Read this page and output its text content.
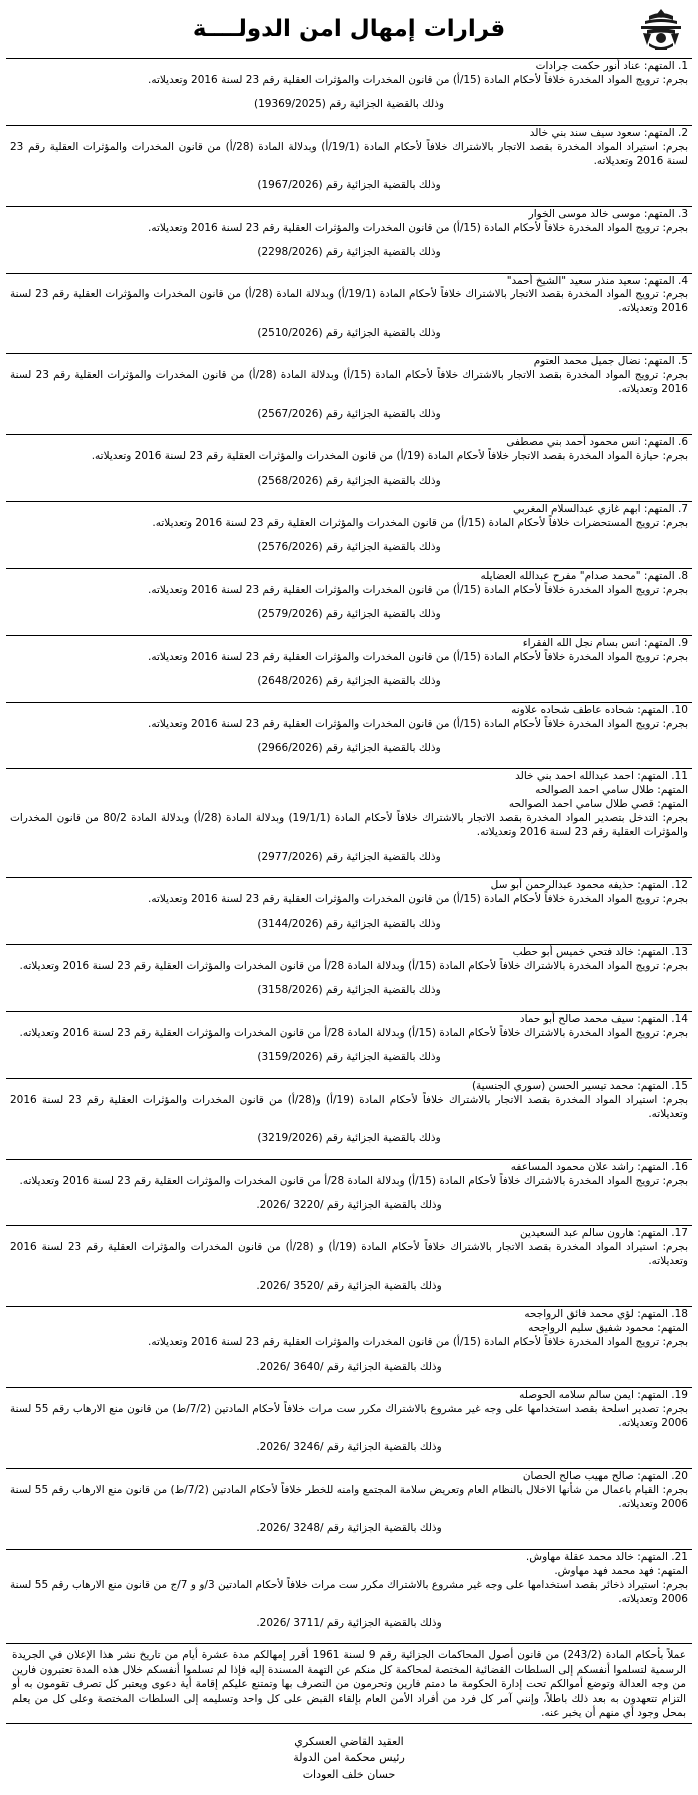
قرارات إمهال امن الدولــــة

1. المتهم: عناد أنور حكمت جرادات

بجرم: ترويج المواد المخدرة خلافاً لأحكام المادة (15/أ) من قانون المخدرات والمؤثرات العقلية رقم 23 لسنة 2016 وتعديلاته.

وذلك بالقضية الجزائية رقم (19369/2025)

2. المتهم: سعود سيف سند بني خالد

بجرم: استيراد المواد المخدرة بقصد الاتجار بالاشتراك خلافاً لأحكام المادة (19/1/أ) وبدلالة المادة (28/أ) من قانون المخدرات والمؤثرات العقلية رقم 23 لسنة 2016 وتعديلاته.

وذلك بالقضية الجزائية رقم (1967/2026)

3. المتهم: موسى خالد موسى الخوار

بجرم: ترويج المواد المخدرة خلافاً لأحكام المادة (15/أ) من قانون المخدرات والمؤثرات العقلية رقم 23 لسنة 2016 وتعديلاته.

وذلك بالقضية الجزائية رقم (2298/2026)

4. المتهم: سعيد منذر سعيد "الشيخ أحمد"

بجرم: ترويج المواد المخدرة بقصد الاتجار بالاشتراك خلافاً لأحكام المادة (19/1/أ) وبدلالة المادة (28/أ) من قانون المخدرات والمؤثرات العقلية رقم 23 لسنة 2016 وتعديلاته.

وذلك بالقضية الجزائية رقم (2510/2026)

5. المتهم: نضال جميل محمد العتوم

بجرم: ترويج المواد المخدرة بقصد الاتجار بالاشتراك خلافاً لأحكام المادة (15/أ) وبدلالة المادة (28/أ) من قانون المخدرات والمؤثرات العقلية رقم 23 لسنة 2016 وتعديلاته.

وذلك بالقضية الجزائية رقم (2567/2026)

6. المتهم: انس محمود أحمد بني مصطفى

بجرم: حيازة المواد المخدرة بقصد الاتجار خلافاً لأحكام المادة (19/أ) من قانون المخدرات والمؤثرات العقلية رقم 23 لسنة 2016 وتعديلاته.

وذلك بالقضية الجزائية رقم (2568/2026)

7. المتهم: ابهم غازي عبدالسلام المغربي

بجرم: ترويج المستحضرات خلافاً لأحكام المادة (15/أ) من قانون المخدرات والمؤثرات العقلية رقم 23 لسنة 2016 وتعديلاته.

وذلك بالقضية الجزائية رقم (2576/2026)

8. المتهم: "محمد صدام" مفرح عبدالله العضايله

بجرم: ترويج المواد المخدرة خلافاً لأحكام المادة (15/أ) من قانون المخدرات والمؤثرات العقلية رقم 23 لسنة 2016 وتعديلاته.

وذلك بالقضية الجزائية رقم (2579/2026)

9. المتهم: انس بسام نجل الله الفقراء

بجرم: ترويج المواد المخدرة خلافاً لأحكام المادة (15/أ) من قانون المخدرات والمؤثرات العقلية رقم 23 لسنة 2016 وتعديلاته.

وذلك بالقضية الجزائية رقم (2648/2026)

10. المتهم: شحاده عاطف شحاده علاونه

بجرم: ترويج المواد المخدرة خلافاً لأحكام المادة (15/أ) من قانون المخدرات والمؤثرات العقلية رقم 23 لسنة 2016 وتعديلاته.

وذلك بالقضية الجزائية رقم (2966/2026)

11. المتهم: احمد عبدالله احمد بني خالد

المتهم: طلال سامي احمد الصوالحه

المتهم: قصي طلال سامي احمد الصوالحه

بجرم: التدخل بتصدير المواد المخدرة بقصد الاتجار بالاشتراك خلافاً لأحكام المادة (19/1/1) وبدلالة المادة (28/أ) وبدلالة المادة 80/2 من قانون المخدرات والمؤثرات العقلية رقم 23 لسنة 2016 وتعديلاته.

وذلك بالقضية الجزائية رقم (2977/2026)

12. المتهم: حذيفه محمود عبدالرحمن أبو سل

بجرم: ترويج المواد المخدرة خلافاً لأحكام المادة (15/أ) من قانون المخدرات والمؤثرات العقلية رقم 23 لسنة 2016 وتعديلاته.

وذلك بالقضية الجزائية رقم (3144/2026)

13. المتهم: خالد فتحي خميس أبو حطب

بجرم: ترويج المواد المخدرة بالاشتراك خلافاً لأحكام المادة (15/أ) وبدلالة المادة 28/أ من قانون المخدرات والمؤثرات العقلية رقم 23 لسنة 2016 وتعديلاته.

وذلك بالقضية الجزائية رقم (3158/2026)

14. المتهم: سيف محمد صالح أبو حماد

بجرم: ترويج المواد المخدرة بالاشتراك خلافاً لأحكام المادة (15/أ) وبدلالة المادة 28/أ من قانون المخدرات والمؤثرات العقلية رقم 23 لسنة 2016 وتعديلاته.

وذلك بالقضية الجزائية رقم (3159/2026)

15. المتهم: محمد تيسير الحسن (سوري الجنسية)

بجرم: استيراد المواد المخدرة بقصد الاتجار بالاشتراك خلافاً لأحكام المادة (19/أ) و(28/أ) من قانون المخدرات والمؤثرات العقلية رقم 23 لسنة 2016 وتعديلاته.

وذلك بالقضية الجزائية رقم (3219/2026)

16. المتهم: راشد علان محمود المساعفه

بجرم: ترويج المواد المخدرة بالاشتراك خلافاً لأحكام المادة (15/أ) وبدلالة المادة 28/أ من قانون المخدرات والمؤثرات العقلية رقم 23 لسنة 2016 وتعديلاته.

وذلك بالقضية الجزائية رقم /3220 /2026.

17. المتهم: هارون سالم عبد السعيدين

بجرم: استيراد المواد المخدرة بقصد الاتجار بالاشتراك خلافاً لأحكام المادة (19/أ) و (28/أ) من قانون المخدرات والمؤثرات العقلية رقم 23 لسنة 2016 وتعديلاته.

وذلك بالقضية الجزائية رقم /3520 /2026.

18. المتهم: لؤي محمد فائق الرواجحه

المتهم: محمود شفيق سليم الرواجحه

بجرم: ترويج المواد المخدرة خلافاً لأحكام المادة (15/أ) من قانون المخدرات والمؤثرات العقلية رقم 23 لسنة 2016 وتعديلاته.

وذلك بالقضية الجزائية رقم /3640 /2026.

19. المتهم: ايمن سالم سلامه الحوصله

بجرم: تصدير اسلحة بقصد استخدامها على وجه غير مشروع بالاشتراك مكرر ست مرات خلافاً لأحكام المادتين (7/2/ط) من قانون منع الارهاب رقم 55 لسنة 2006 وتعديلاته.

وذلك بالقضية الجزائية رقم /3246 /2026.

20. المتهم: صالح مهيب صالح الحصان

بجرم: القيام باعمال من شأنها الاخلال بالنظام العام وتعريض سلامة المجتمع وامنه للخطر خلافاً لأحكام المادتين (7/2/ط) من قانون منع الارهاب رقم 55 لسنة 2006 وتعديلاته.

وذلك بالقضية الجزائية رقم /3248 /2026.

21. المتهم: خالد محمد عقلة مهاوش.

المتهم: فهد محمد فهد مهاوش.

بجرم: استيراد ذخائر بقصد استخدامها على وجه غير مشروع بالاشتراك مكرر ست مرات خلافاً لأحكام المادتين 3/و و 7/ج من قانون منع الارهاب رقم 55 لسنة 2006 وتعديلاته.

وذلك بالقضية الجزائية رقم /3711 /2026.

عملاً بأحكام المادة (243/2) من قانون أصول المحاكمات الجزائية رقم 9 لسنة 1961 أقرر إمهالكم مدة عشرة أيام من تاريخ نشر هذا الإعلان في الجريدة الرسمية لتسلموا أنفسكم إلى السلطات القضائية المختصة لمحاكمة كل منكم عن التهمة المسندة إليه فإذا لم تسلموا أنفسكم خلال هذه المدة تعتبرون فارين من وجه العدالة وتوضع أموالكم تحت إدارة الحكومة ما دمتم فارين وتحرمون من التصرف بها وتمتنع عليكم إقامة أية دعوى ويعتبر كل تصرف تقومون به أو التزام تتعهدون به بعد ذلك باطلاً، وإنني آمر كل فرد من أفراد الأمن العام بإلقاء القبض على كل واحد وتسليمه إلى السلطات المختصة وعلى كل من يعلم بمحل وجود أي منهم أن يخبر عنه.
العقيد القاضي العسكري
رئيس محكمة امن الدولة
حسان خلف العودات
